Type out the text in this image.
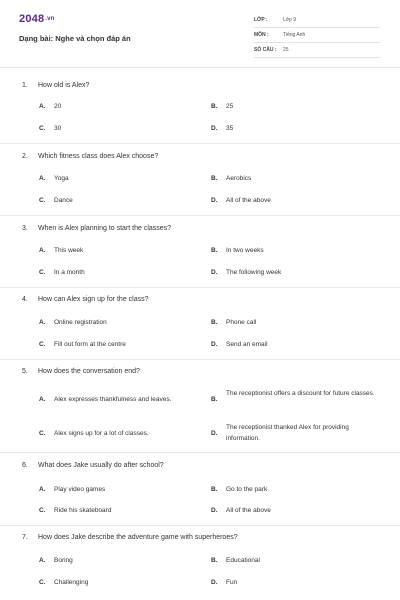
2048.vn
Dạng bài: Nghe và chọn đáp án
LỚP :	Lớp 9
MÔN :	Tiếng Anh
SỐ CÂU : 25
1. How old is Alex?
A. 20	B. 25
C. 30	D. 35
2. Which fitness class does Alex choose?
A. Yoga	B. Aerobics
C. Dance	D. All of the above
3. When is Alex planning to start the classes?
A. This week	B. In two weeks
C. In a month	D. The following week
4. How can Alex sign up for the class?
A. Online registration	B. Phone call
C. Fill out form at the centre	D. Send an email
5. How does the conversation end?
A. Alex expresses thankfulness and leaves.	B.
The receptionist offers a discount for future classes.
C. Alex signs up for a lot of classes.	D.
The receptionist thanked Alex for providing information.
6. What does Jake usually do after school?
A. Play video games	B. Go to the park
C. Ride his skateboard	D. All of the above
7. How does Jake describe the adventure game with superheroes?
A. Boring	B. Educational
C. Challenging	D. Fun
